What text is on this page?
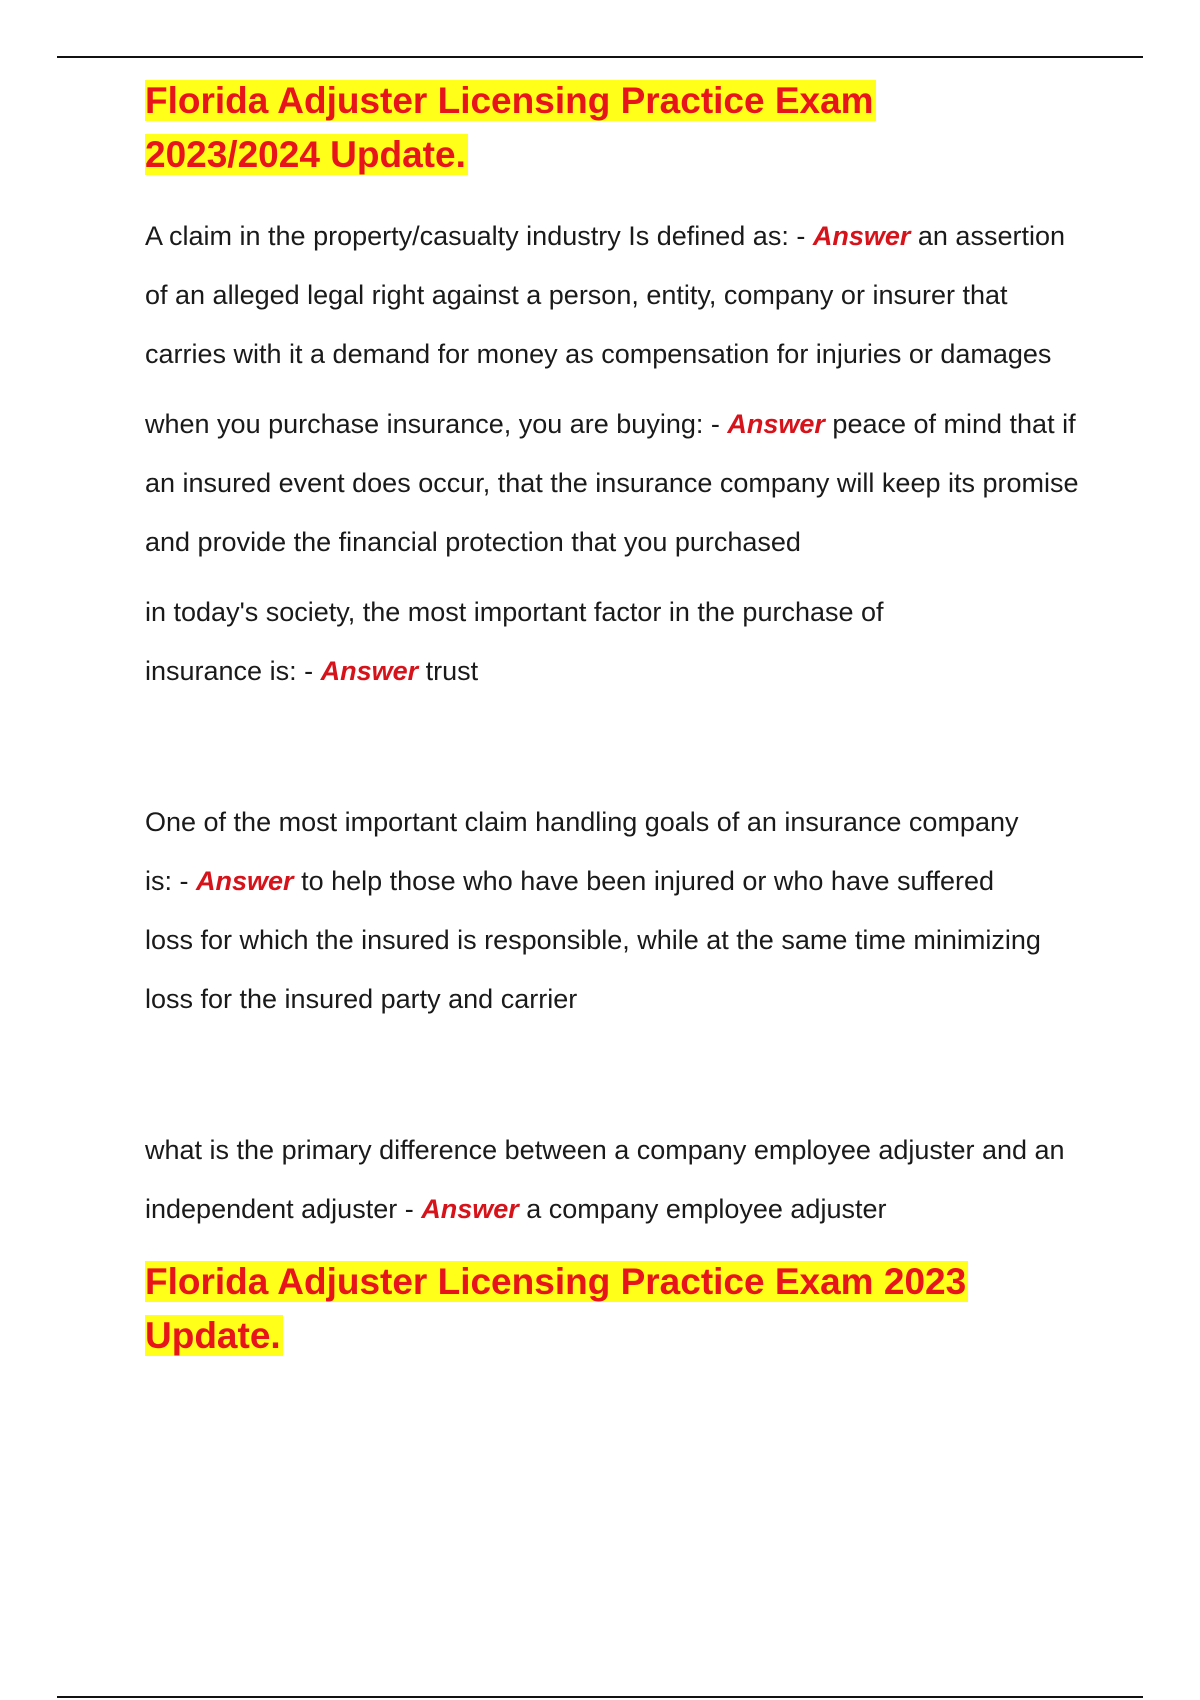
Florida Adjuster Licensing Practice Exam 2023/2024 Update.

A claim in the property/casualty industry Is defined as: - Answer an assertion of an alleged legal right against a person, entity, company or insurer that carries with it a demand for money as compensation for injuries or damages

when you purchase insurance, you are buying: - Answer peace of mind that if an insured event does occur, that the insurance company will keep its promise and provide the financial protection that you purchased

in today's society, the most important factor in the purchase of insurance is: - Answer trust

One of the most important claim handling goals of an insurance company is: - Answer to help those who have been injured or who have suffered loss for which the insured is responsible, while at the same time minimizing loss for the insured party and carrier

what is the primary difference between a company employee adjuster and an independent adjuster - Answer a company employee adjuster

Florida Adjuster Licensing Practice Exam 2023 Update.
